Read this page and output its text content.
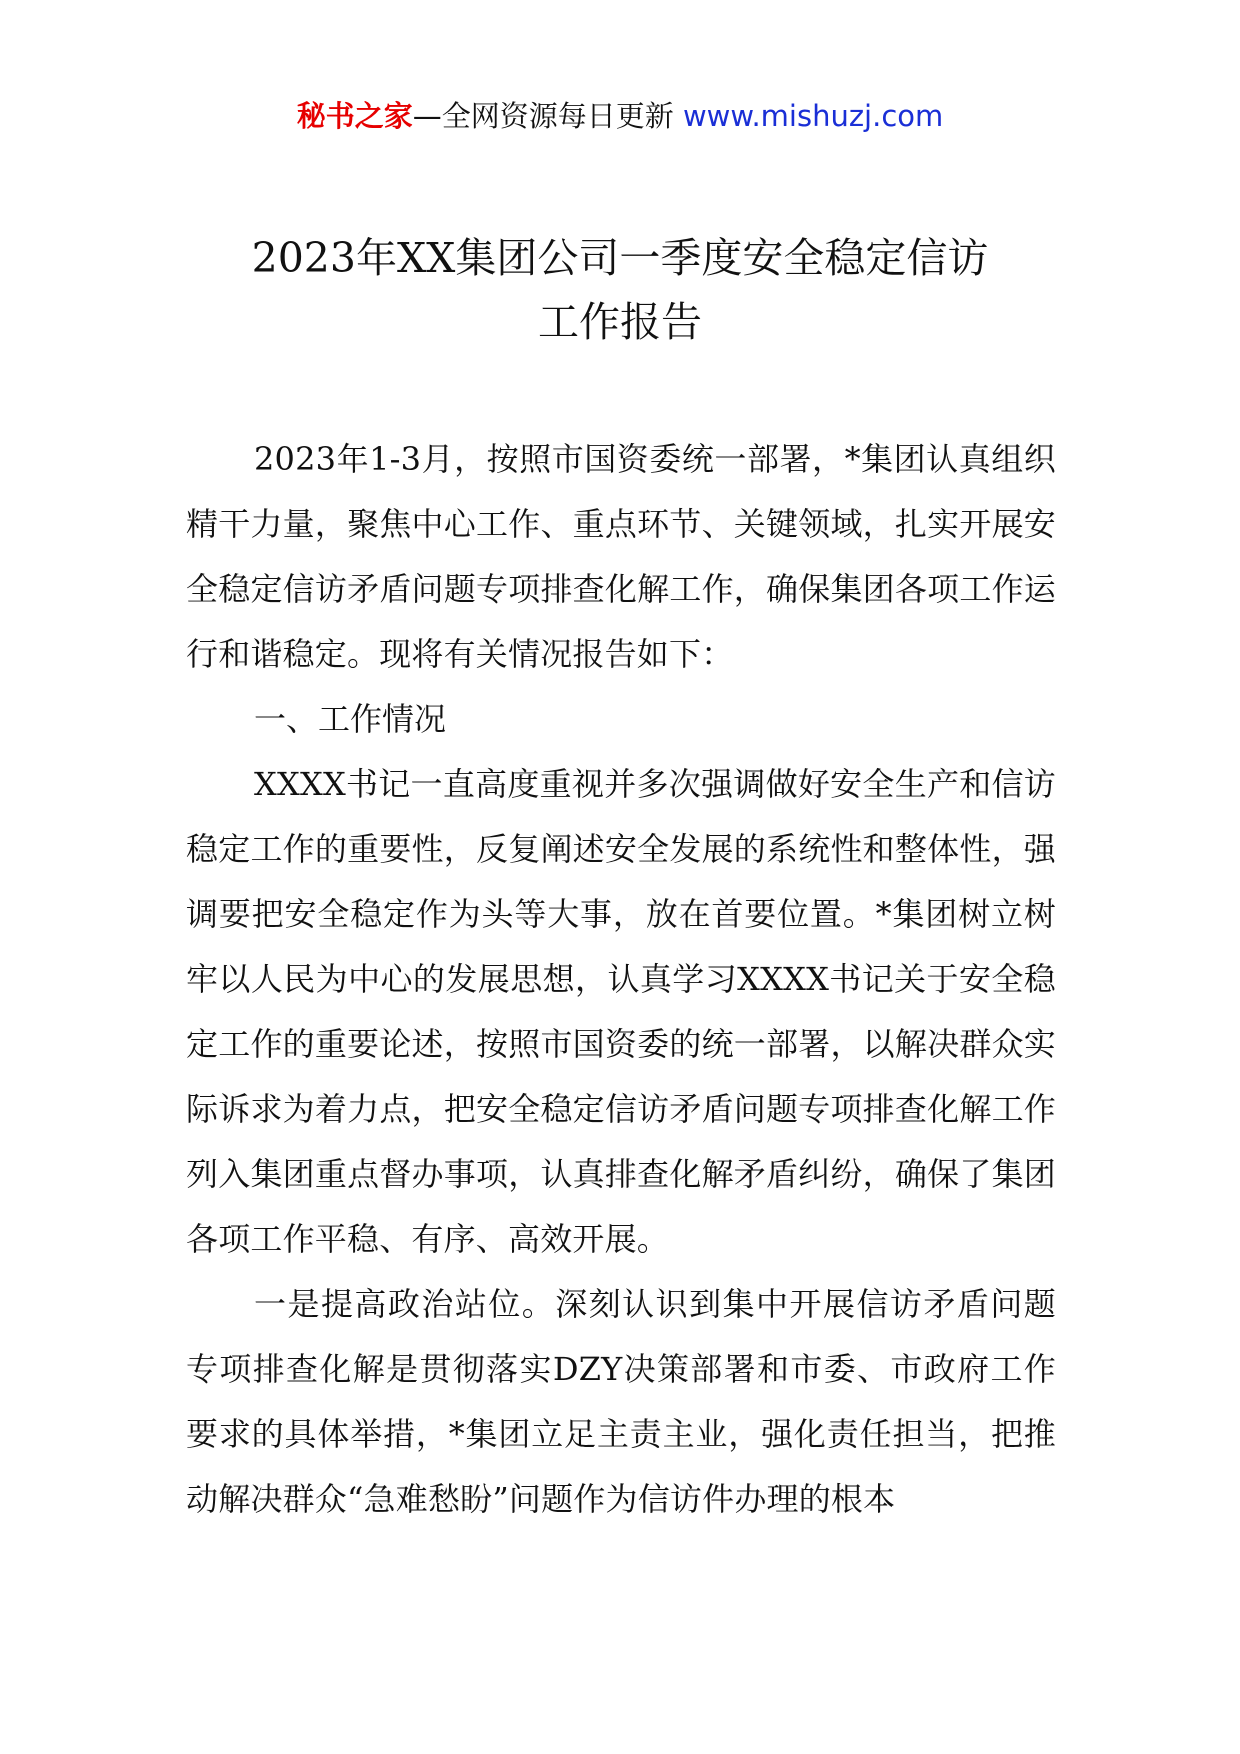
秘书之家—全网资源每日更新 www.mishuzj.com
2023年XX集团公司一季度安全稳定信访
工作报告

2023年1-3月，按照市国资委统一部署，*集团认真组织精干力量，聚焦中心工作、重点环节、关键领域，扎实开展安全稳定信访矛盾问题专项排查化解工作，确保集团各项工作运行和谐稳定。现将有关情况报告如下：

一、工作情况

XXXX书记一直高度重视并多次强调做好安全生产和信访稳定工作的重要性，反复阐述安全发展的系统性和整体性，强调要把安全稳定作为头等大事，放在首要位置。*集团树立树牢以人民为中心的发展思想，认真学习XXXX书记关于安全稳定工作的重要论述，按照市国资委的统一部署，以解决群众实际诉求为着力点，把安全稳定信访矛盾问题专项排查化解工作列入集团重点督办事项，认真排查化解矛盾纠纷，确保了集团各项工作平稳、有序、高效开展。

一是提高政治站位。深刻认识到集中开展信访矛盾问题专项排查化解是贯彻落实DZY决策部署和市委、市政府工作要求的具体举措，*集团立足主责主业，强化责任担当，把推动解决群众“急难愁盼”问题作为信访件办理的根本
